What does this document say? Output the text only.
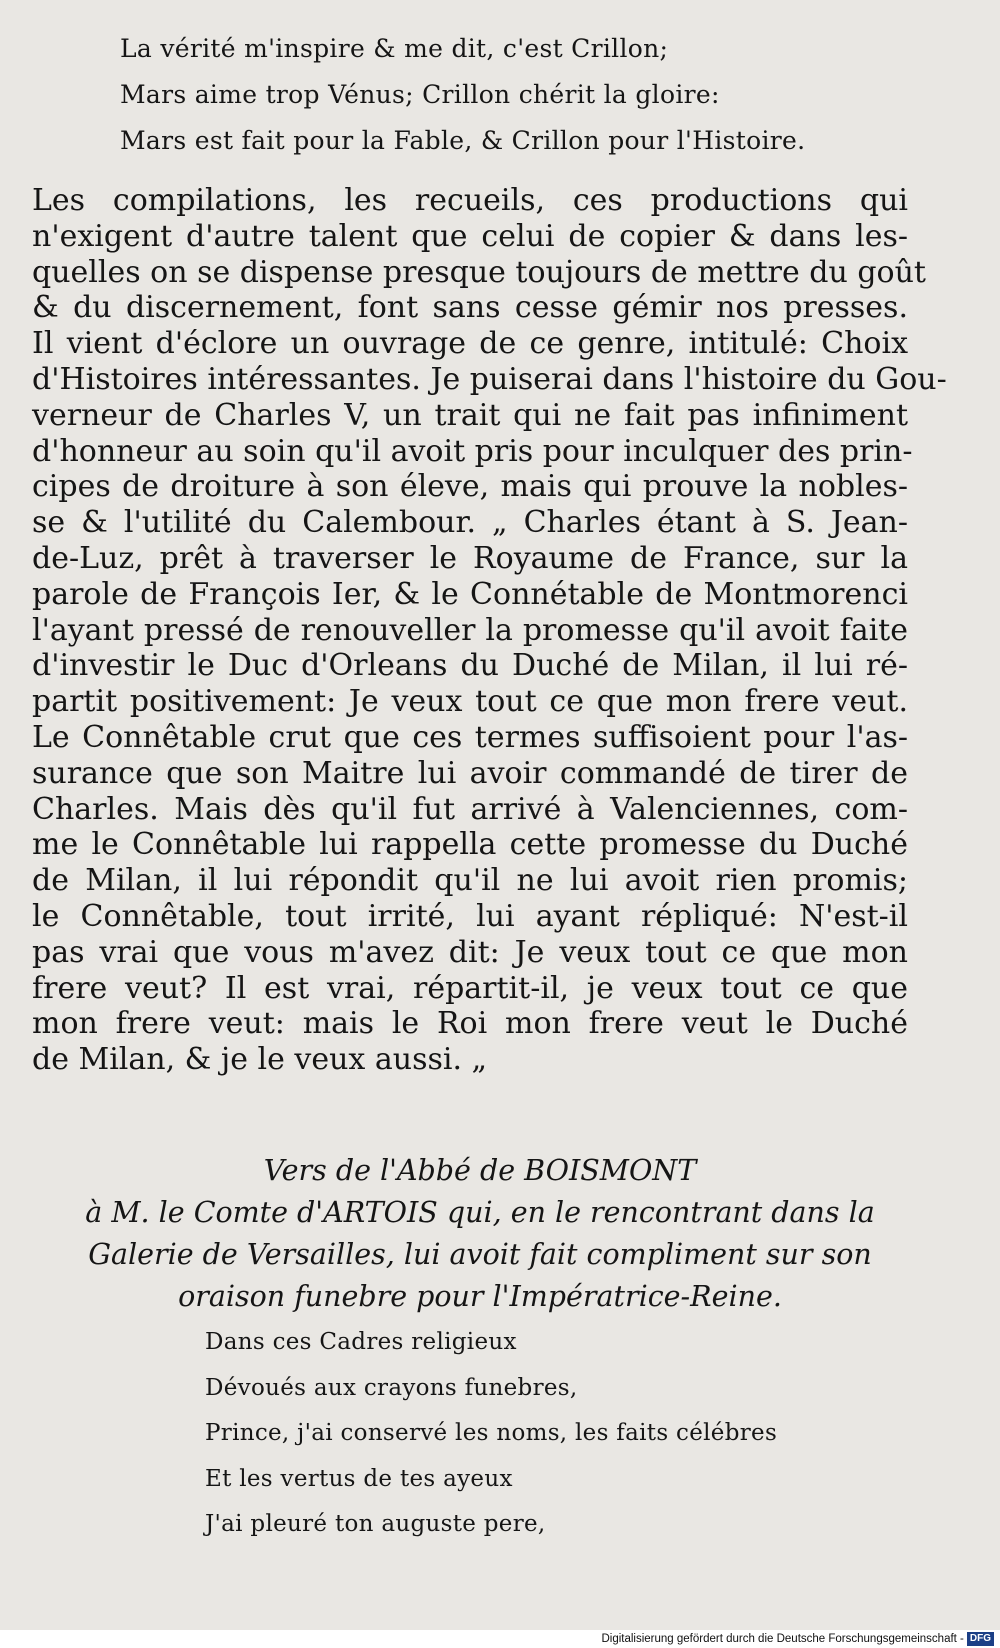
La vérité m'inspire & me dit, c'est Crillon;
Mars aime trop Vénus; Crillon chérit la gloire:
Mars est fait pour la Fable, & Crillon pour l'Histoire.
Les compilations, les recueils, ces productions qui
n'exigent d'autre talent que celui de copier & dans les-
quelles on se dispense presque toujours de mettre du goût
& du discernement, font sans cesse gémir nos presses.
Il vient d'éclore un ouvrage de ce genre, intitulé: Choix
d'Histoires intéressantes. Je puiserai dans l'histoire du Gou-
verneur de Charles V, un trait qui ne fait pas infiniment
d'honneur au soin qu'il avoit pris pour inculquer des prin-
cipes de droiture à son éleve, mais qui prouve la nobles-
se & l'utilité du Calembour. „ Charles étant à S. Jean-
de-Luz, prêt à traverser le Royaume de France, sur la
parole de François Ier, & le Connétable de Montmorenci
l'ayant pressé de renouveller la promesse qu'il avoit faite
d'investir le Duc d'Orleans du Duché de Milan, il lui ré-
partit positivement: Je veux tout ce que mon frere veut.
Le Connêtable crut que ces termes suffisoient pour l'as-
surance que son Maitre lui avoir commandé de tirer de
Charles. Mais dès qu'il fut arrivé à Valenciennes, com-
me le Connêtable lui rappella cette promesse du Duché
de Milan, il lui répondit qu'il ne lui avoit rien promis;
le Connêtable, tout irrité, lui ayant répliqué: N'est-il
pas vrai que vous m'avez dit: Je veux tout ce que mon
frere veut? Il est vrai, répartit-il, je veux tout ce que
mon frere veut: mais le Roi mon frere veut le Duché
de Milan, & je le veux aussi. „
Vers de l'Abbé de BOISMONT
à M. le Comte d'ARTOIS qui, en le rencontrant dans la
Galerie de Versailles, lui avoit fait compliment sur son
oraison funebre pour l'Impératrice-Reine.
Dans ces Cadres religieux
Dévoués aux crayons funebres,
Prince, j'ai conservé les noms, les faits célébres
Et les vertus de tes ayeux
J'ai pleuré ton auguste pere,
Digitalisierung gefördert durch die Deutsche Forschungsgemeinschaft - DFG
